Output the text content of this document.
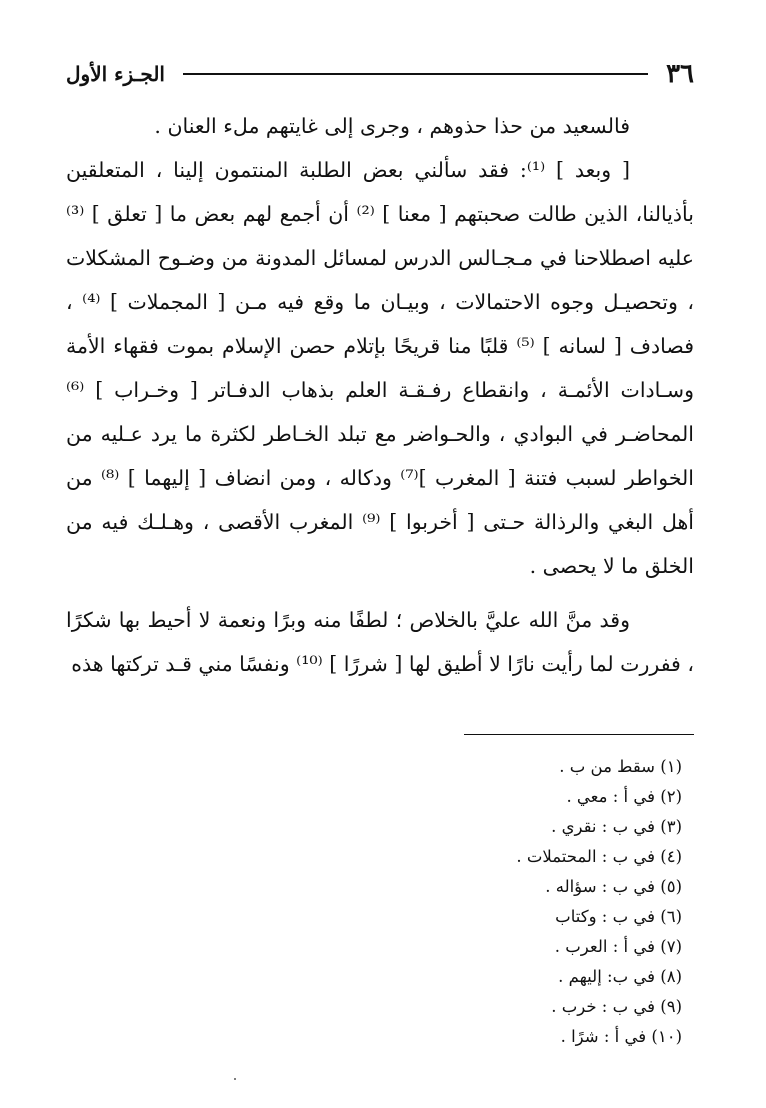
٣٦
الجـزء الأول

فالسعيد من حذا حذوهم ، وجرى إلى غايتهم ملء العنان .

[ وبعد ] ⁽¹⁾: فقد سألني بعض الطلبة المنتمون إلينا ، المتعلقين بأذيالنا، الذين طالت صحبتهم [ معنا ] ⁽²⁾ أن أجمع لهم بعض ما [ تعلق ] ⁽³⁾ عليه اصطلاحنا في مـجـالس الدرس لمسائل المدونة من وضـوح المشكلات ، وتحصيـل وجوه الاحتمالات ، وبيـان ما وقع فيه مـن [ المجملات ] ⁽⁴⁾ ، فصادف [ لسانه ] ⁽⁵⁾ قلبًا منا قريحًا بإتلام حصن الإسلام بموت فقهاء الأمة وسـادات الأئمـة ، وانقطاع رفـقـة العلم بذهاب الدفـاتر [ وخـراب ] ⁽⁶⁾ المحاضـر في البوادي ، والحـواضر مع تبلد الخـاطر لكثرة ما يرد عـليه من الخواطر لسبب فتنة [ المغرب ]⁽⁷⁾ ودكاله ، ومن انضاف [ إليهما ] ⁽⁸⁾ من أهل البغي والرذالة حـتى [ أخربوا ] ⁽⁹⁾ المغرب الأقصى ، وهـلـك فيه من الخلق ما لا يحصى .

وقد منَّ الله عليَّ بالخلاص ؛ لطفًا منه وبرًا ونعمة لا أحيط بها شكرًا ، ففررت لما رأيت نارًا لا أطيق لها [ شررًا ] ⁽¹⁰⁾ ونفسًا مني قـد تركتها هذه

(١) سقط من ب .
(٢) في أ : معي .
(٣) في ب : نقري .
(٤) في ب : المحتملات .
(٥) في ب : سؤاله .
(٦) في ب : وكتاب
(٧) في أ : العرب .
(٨) في ب: إليهم .
(٩) في ب : خرب .
(١٠) في أ : شرًا .
